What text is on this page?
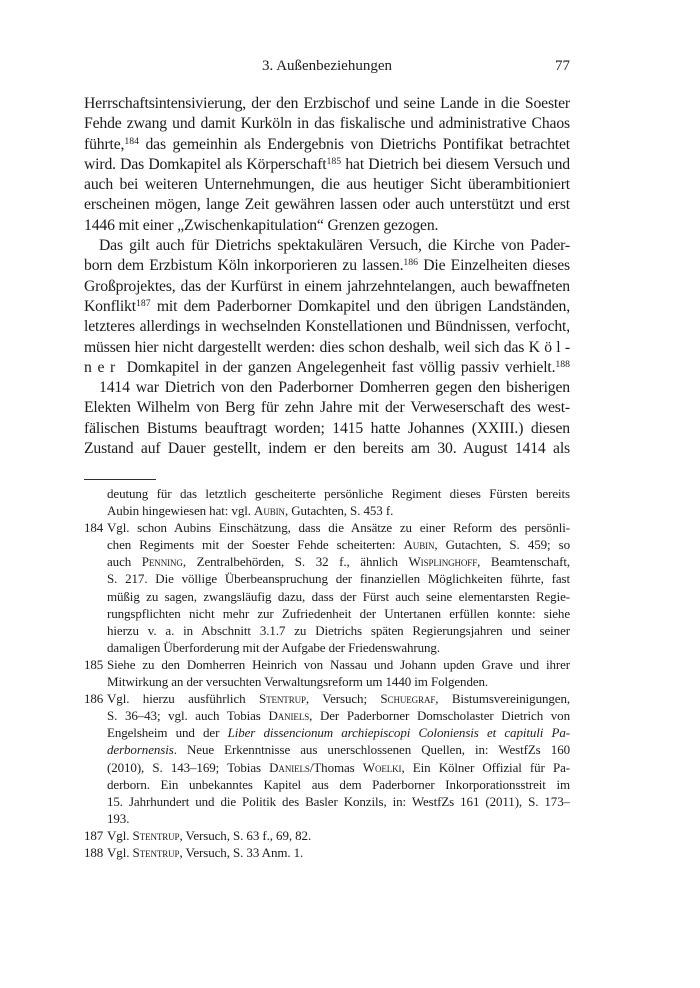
3. Außenbeziehungen	77
Herrschaftsintensivierung, der den Erzbischof und seine Lande in die Soester
Fehde zwang und damit Kurköln in das fiskalische und administrative Chaos
führte,$^{184}$ das gemeinhin als Endergebnis von Dietrichs Pontifikat betrachtet
wird. Das Domkapitel als Körperschaft$^{185}$ hat Dietrich bei diesem Versuch und
auch bei weiteren Unternehmungen, die aus heutiger Sicht überambitioniert
erscheinen mögen, lange Zeit gewähren lassen oder auch unterstützt und erst
1446 mit einer „Zwischenkapitulation“ Grenzen gezogen.
Das gilt auch für Dietrichs spektakulären Versuch, die Kirche von Pader-
born dem Erzbistum Köln inkorporieren zu lassen.$^{186}$ Die Einzelheiten dieses
Großprojektes, das der Kurfürst in einem jahrzehntelangen, auch bewaffneten
Konflikt$^{187}$ mit dem Paderborner Domkapitel und den übrigen Landständen,
letzteres allerdings in wechselnden Konstellationen und Bündnissen, verfocht,
müssen hier nicht dargestellt werden: dies schon deshalb, weil sich das K ö l -
n e r  Domkapitel in der ganzen Angelegenheit fast völlig passiv verhielt.$^{188}$
1414 war Dietrich von den Paderborner Domherren gegen den bisherigen
Elekten Wilhelm von Berg für zehn Jahre mit der Verweserschaft des west-
fälischen Bistums beauftragt worden; 1415 hatte Johannes (XXIII.) diesen
Zustand auf Dauer gestellt, indem er den bereits am 30. August 1414 als
deutung für das letztlich gescheiterte persönliche Regiment dieses Fürsten bereits
Aubin hingewiesen hat: vgl. Aubin, Gutachten, S. 453 f.
184 Vgl. schon Aubins Einschätzung, dass die Ansätze zu einer Reform des persönli-
chen Regiments mit der Soester Fehde scheiterten: Aubin, Gutachten, S. 459; so
auch Penning, Zentralbehörden, S. 32 f., ähnlich Wisplinghoff, Beamtenschaft,
S. 217. Die völlige Überbeanspruchung der finanziellen Möglichkeiten führte, fast
müßig zu sagen, zwangsläufig dazu, dass der Fürst auch seine elementarsten Regie-
rungspflichten nicht mehr zur Zufriedenheit der Untertanen erfüllen konnte: siehe
hierzu v. a. in Abschnitt 3.1.7 zu Dietrichs späten Regierungsjahren und seiner
damaligen Überforderung mit der Aufgabe der Friedenswahrung.
185 Siehe zu den Domherren Heinrich von Nassau und Johann upden Grave und ihrer
Mitwirkung an der versuchten Verwaltungsreform um 1440 im Folgenden.
186 Vgl. hierzu ausführlich Stentrup, Versuch; Schuegraf, Bistumsvereinigungen,
S. 36–43; vgl. auch Tobias Daniels, Der Paderborner Domscholaster Dietrich von
Engelsheim und der Liber dissencionum archiepiscopi Coloniensis et capituli Pa-
derbornensis. Neue Erkenntnisse aus unerschlossenen Quellen, in: WestfZs 160
(2010), S. 143–169; Tobias Daniels/Thomas Woelki, Ein Kölner Offizial für Pa-
derborn. Ein unbekanntes Kapitel aus dem Paderborner Inkorporationsstreit im
15. Jahrhundert und die Politik des Basler Konzils, in: WestfZs 161 (2011), S. 173–
193.
187 Vgl. Stentrup, Versuch, S. 63 f., 69, 82.
188 Vgl. Stentrup, Versuch, S. 33 Anm. 1.
